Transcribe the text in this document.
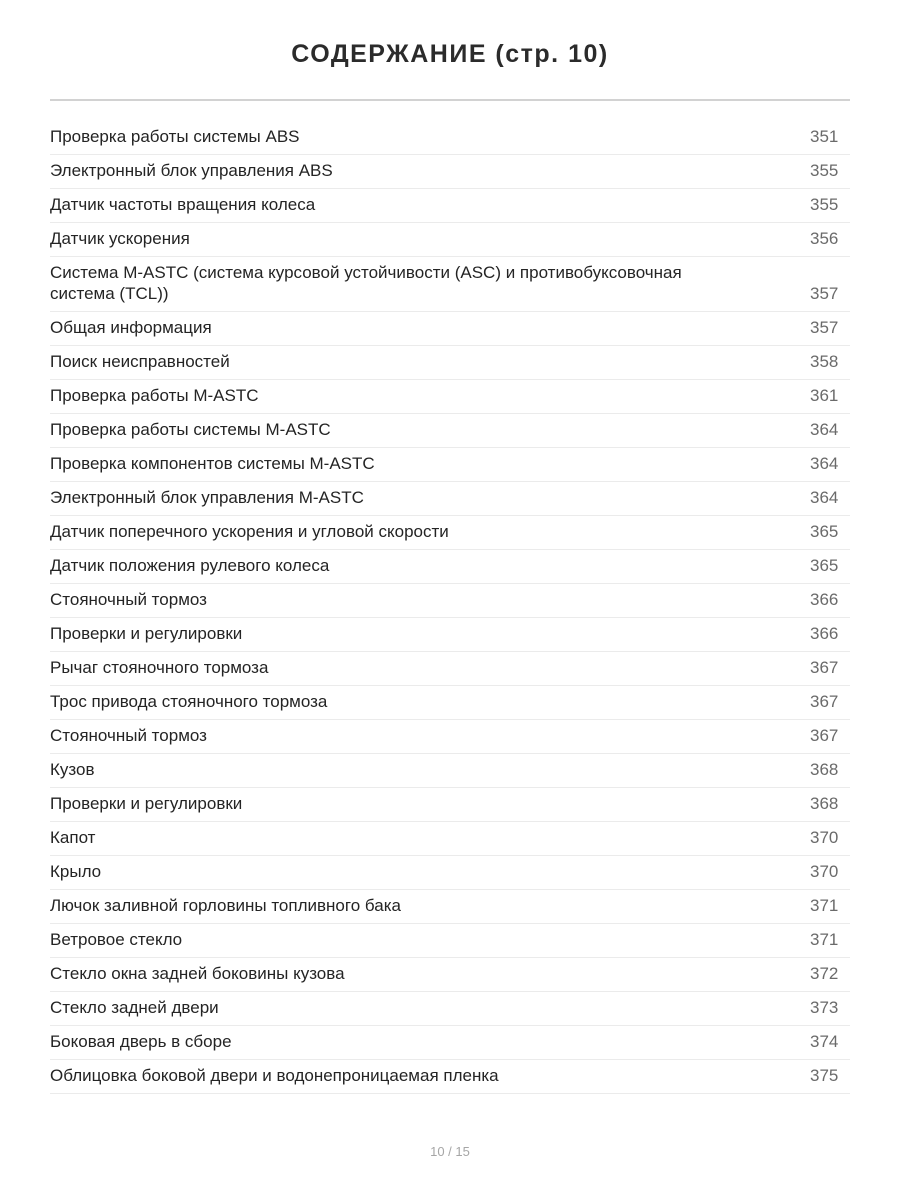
СОДЕРЖАНИЕ (стр. 10)
Проверка работы системы ABS	351
Электронный блок управления ABS	355
Датчик частоты вращения колеса	355
Датчик ускорения	356
Система M-ASTC (система курсовой устойчивости (ASC) и противобуксовочная система (TCL))	357
Общая информация	357
Поиск неисправностей	358
Проверка работы M-ASTC	361
Проверка работы системы M-ASTC	364
Проверка компонентов системы M-ASTC	364
Электронный блок управления M-ASTC	364
Датчик поперечного ускорения и угловой скорости	365
Датчик положения рулевого колеса	365
Стояночный тормоз	366
Проверки и регулировки	366
Рычаг стояночного тормоза	367
Трос привода стояночного тормоза	367
Стояночный тормоз	367
Кузов	368
Проверки и регулировки	368
Капот	370
Крыло	370
Лючок заливной горловины топливного бака	371
Ветровое стекло	371
Стекло окна задней боковины кузова	372
Стекло задней двери	373
Боковая дверь в сборе	374
Облицовка боковой двери и водонепроницаемая пленка	375
10 / 15
